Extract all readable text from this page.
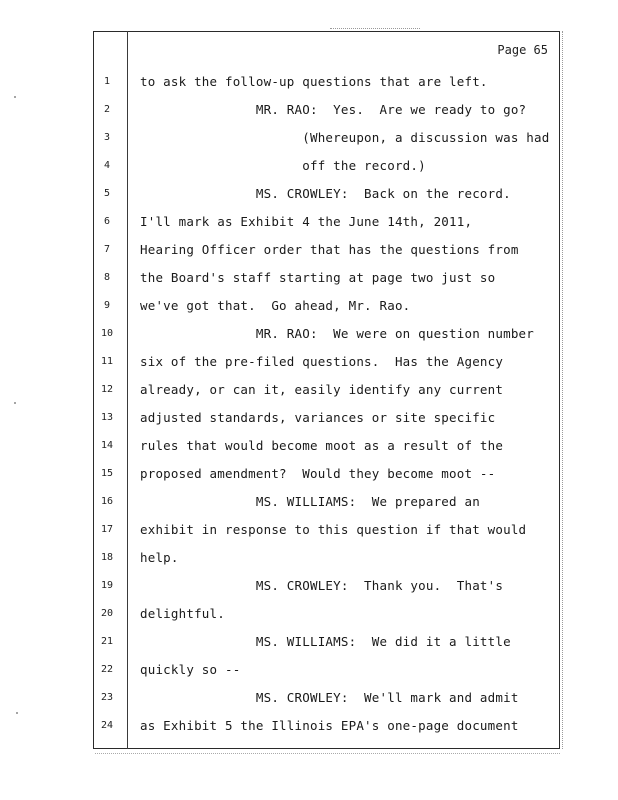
Page 65
1	to ask the follow-up questions that are left.
2	MR. RAO:  Yes.  Are we ready to go?
3	(Whereupon, a discussion was had
4	off the record.)
5	MS. CROWLEY:  Back on the record.
6	I'll mark as Exhibit 4 the June 14th, 2011,
7	Hearing Officer order that has the questions from
8	the Board's staff starting at page two just so
9	we've got that.  Go ahead, Mr. Rao.
10	MR. RAO:  We were on question number
11	six of the pre-filed questions.  Has the Agency
12	already, or can it, easily identify any current
13	adjusted standards, variances or site specific
14	rules that would become moot as a result of the
15	proposed amendment?  Would they become moot --
16	MS. WILLIAMS:  We prepared an
17	exhibit in response to this question if that would
18	help.
19	MS. CROWLEY:  Thank you.  That's
20	delightful.
21	MS. WILLIAMS:  We did it a little
22	quickly so --
23	MS. CROWLEY:  We'll mark and admit
24	as Exhibit 5 the Illinois EPA's one-page document
